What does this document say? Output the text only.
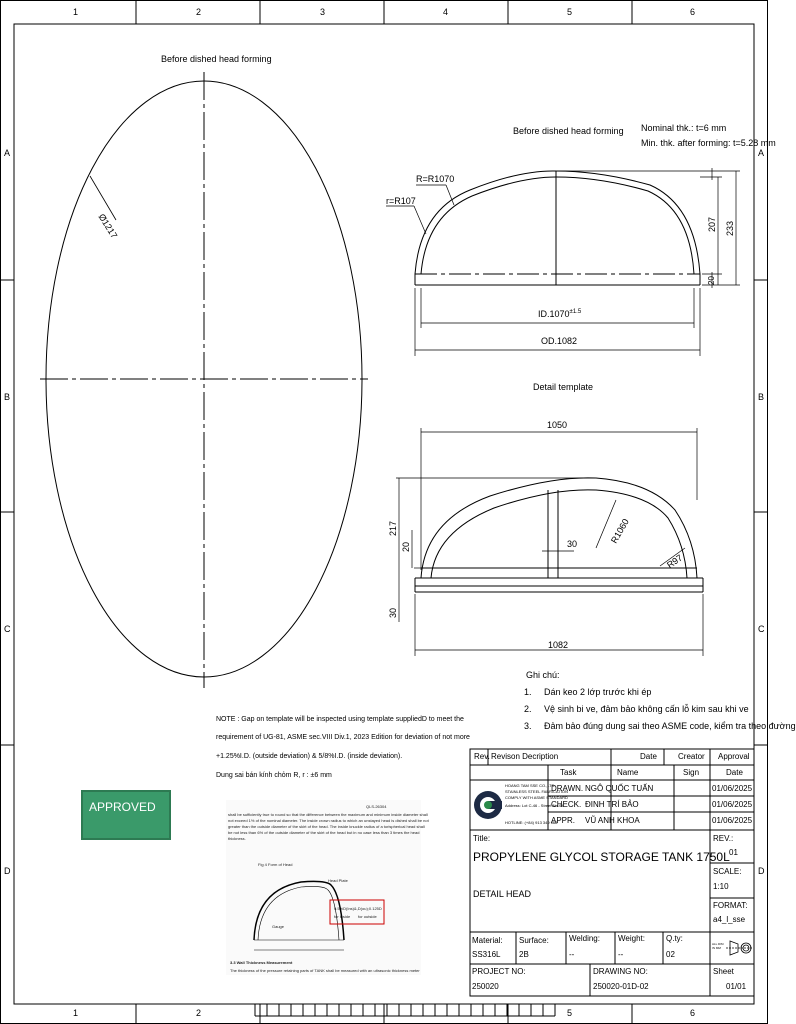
1	2	3	4	5	6
1	2	5	6
A
B
C
D
A
B
C
D
Before dished head forming
Ø1217
Before dished head forming Nominal thk.: t=6 mm
Min. thk. after forming: t=5.28 mm
R=R1070
r=R107
207 233
20
$ID.1070^{\pm 1.5}$
OD.1082
Detail template
1050
217
20
30
30	R1060
R97
1082
Ghi chú:
1. Dán keo 2 lớp trước khi ép
2. Vệ sinh bi ve, đảm bảo không cấn lỗ kim sau khi ve
3. Đảm bảo đúng dung sai theo ASME code, kiểm tra theo đường
NOTE : Gap on template will be inspected using template suppliedD to meet the
requirement of UG-81, ASME sec.VIII Div.1, 2023 Edition for deviation of not more
+1.25%I.D. (outside deviation) & 5/8%I.D. (inside deviation).
Dung sai bán kính chỏm R, r : ±6 mm
APPROVED	QLS-26304
shall be sufficiently true to round so that the difference between the maximum and minimum inside diameter shall
not exceed 1% of the nominal diameter. The inside crown radius to which an unstayed head is dished shall be not
greater than the outside diameter of the skirt of the head. The inside knuckle radius of a torispherical head shall
be not less than 6% of the outside diameter of the skirt of the head but in no case less than 3 times the head
thickness.
Fig 4 Form of Head
Head Plate
Gauge
0.5%D(Ins)&,D(ou);0.125D
for inside for outside
3.3 Wall Thickness Measurement
The thickness of the pressure retaining parts of TANK shall be measured with an ultrasonic thickness meter
Rev. Revison Decription	Date	Creator Approval
Task	Name	Sign	Date
HOANG TAM SSE CO.,LTD
STAINLESS STEEL FABRICATION
COMPLY WITH ASME STANDARD
Address: Lot C-46 - Street No.49
HOTLINE: (+84) 913 349 068
DRAWN. NGÔ QUỐC TUẤN	01/06/2025
CHECK. ĐINH TRÍ BẢO	01/06/2025
APPR. VŨ ANH KHOA	01/06/2025
Title:
PROPYLENE GLYCOL STORAGE TANK 1750L
DETAIL HEAD
REV.:
01
SCALE:
1:10
FORMAT:
a4_l_sse
Material:
SS316L
Surface:
2B
Welding:
--
Weight:
--
Q.ty:
02
ALL DIM IN MM
PROJECT NO:
250020
DRAWING NO:
250020-01D-02
Sheet
01/01
